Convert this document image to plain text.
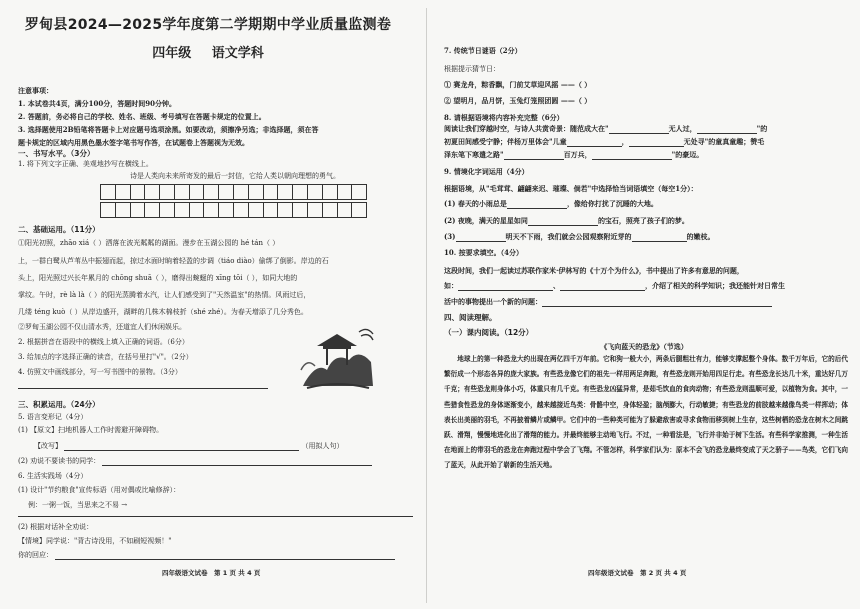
罗甸县2024—2025学年度第二学期期中学业质量监测卷
四年级 语文学科
注意事项：
1. 本试卷共4页，满分100分，答题时间90分钟。
2. 答题前，务必将自己的学校、姓名、班级、考号填写在答题卡规定的位置上。
3. 选择题使用2B铅笔将答题卡上对应题号选项涂黑。如要改动，须擦净另选；非选择题，须在答
题卡规定的区域内用黑色墨水签字笔书写作答，在试题卷上答题视为无效。
一、书写水平。（3分）
1. 将下列文字正确、美观地抄写在横线上。
诗是人类向未来所寄发的最后一封信，它给人类以朝向理想的勇气。
二、基础运用。（11分）
①阳光初照，zhāo xiá（ ）洒落在波光粼粼的湖面。漫步在玉湖公园的 hé tán（ ）
上，一群白鹭从芦苇丛中振翅而起，掠过水面时晌着轻盈的步调（tiáo diào）偷绑了倒影。岸边的石
头上，阳光照过兴长年累月的 chōng shuā（ ），磨得出蜿蜒的 xīng tōi（ ），如同大地的
掌纹。午时，rè là là（ ）的阳光蒸腾着水汽，让人们感受到了"天然温室"的热情。风雨过后，
几缕 téng kuò（ ）从岸边盛开，湖畔的几株木棉枝折（shé zhé）。为春天增添了几分秀色。
②罗甸玉湖公园不仅山清水秀，还道宜人们休闲娱乐。
2. 根据拼音在语段中的横线上填入正确的词语。（6分）
3. 给加点的字选择正确的读音，在括号里打"√"。（2分）
4. 仿照文中画线部分，写一写书图中的景物。（3分）
三、积累运用。（24分）
5. 语言变形记（4分）
(1) 【原文】扫地机器人工作时需避开障碍物。
【改写】	（用拟人句）
(2) 劝说不要读书的同学：
6. 生活实践场（4分）
(1) 设计"节约粮食"宣传标语（用对偶或比喻修辞）：
例：一粥一饭，当思来之不易 →
(2) 根据对话补全劝说：
【情境】同学说："背古诗没用，不如刷短视频！"
你的回应：
四年级语文试卷　第 1 页 共 4 页
7. 传统节日谜语（2分）
根据提示猜节日：
① 赛龙舟，粽香飘，门前艾草迎风摇 ——（ ）
② 望明月，品月饼，玉兔灯笼照团圆 ——（ ）
8. 请根据语境将内容补充完整（6分）
阅读让我们穿越时空，与诗人共赏奇景：随范成大在"	无人过，	"的
初夏田间感受宁静；伴杨万里体会"儿童	，	无处寻"的童真童趣；赞毛
泽东笔下寒遣之路"	百万兵，	"的豪迈。
9. 情境化字词运用（4分）
根据语境，从"毛茸茸、翩翩来迟、璀璨、倘若"中选择恰当词语填空（每空1分）：
(1) 春天的小雨总是	，像给你打扰了沉睡的大地。
(2) 夜晚，满天的星星如同	的宝石，照亮了孩子们的梦。
(3)	明天不下雨，我们就会公园观察附近芽的	的嫩枝。
10. 按要求填空。（4分）
这段时间，我们一起读过苏联作家米·伊林写的《十万个为什么》，书中提出了许多有意思的问题，
如：	、	，介绍了相关的科学知识；我还能针对日常生
活中的事物提出一个新的问题：
四、阅读理解。
（一）课内阅读。（12分）
《飞向蓝天的恐龙》（节选）
　　地球上的第一种恐龙大约出现在两亿四千万年前。它和狗一般大小，两条后腿粗壮有力，能够支撑起整个身体。数千万年后，它的后代繁衍成一个形态各异的庞大家族。有些恐龙像它们的祖先一样用两足奔跑，有些恐龙则开始用四足行走。有些恐龙长达几十米，重达好几万千克；有些恐龙则身体小巧，体重只有几千克。有些恐龙凶猛异常，是茹毛饮血的食肉动物；有些恐龙则温顺可爱，以植物为食。其中，一些猎食性恐龙的身体逐渐变小，越来越接近鸟类：骨骼中空，身体轻盈；脑颅膨大，行动敏捷；有些恐龙的前肢越来越像鸟类一样挥动；体表长出美丽的羽毛，不再披着鳞片或鳞甲。它们中的一些种类可能为了躲避敌害或寻求食物而移到树上生存，这些树栖的恐龙在树木之间跳跃、滑翔，慢慢地进化出了滑翔的能力。并最终能够主动地飞行。不过，一种看法是，飞行并非始于树下生活。有些科学家推测，一种生活在地面上的带羽毛的恐龙在奔跑过程中学会了飞翔。不管怎样，科学家们认为：原本不会飞的恐龙最终变成了天之骄子——鸟类，它们飞向了蓝天，从此开始了崭新的生活天地。
四年级语文试卷　第 2 页 共 4 页
